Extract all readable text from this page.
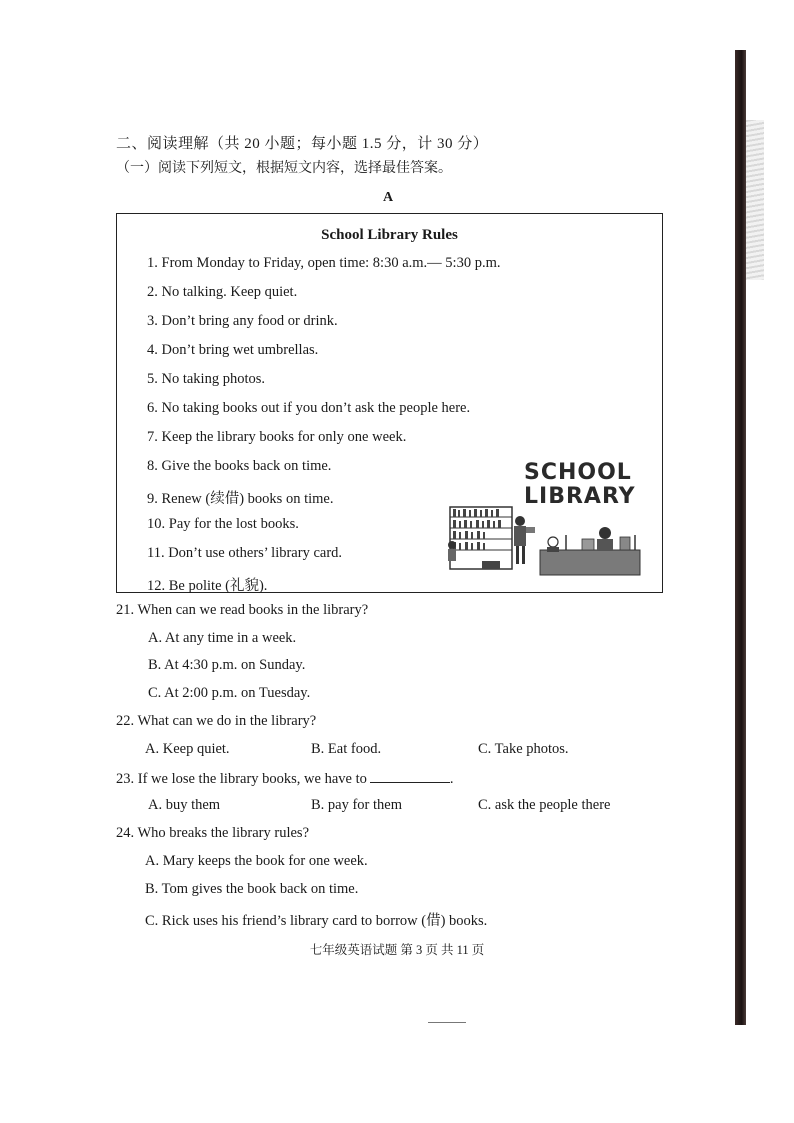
二、阅读理解（共 20 小题；每小题 1.5 分，计 30 分）
（一）阅读下列短文，根据短文内容，选择最佳答案。
A
School Library Rules
1. From Monday to Friday, open time: 8:30 a.m.— 5:30 p.m.
2. No talking. Keep quiet.
3. Don’t bring any food or drink.
4. Don’t bring wet umbrellas.
5. No taking photos.
6. No taking books out if you don’t ask the people here.
7. Keep the library books for only one week.
8. Give the books back on time.
9. Renew (续借) books on time.
10. Pay for the lost books.
11. Don’t use others’ library card.
12. Be polite (礼貌).
SCHOOL
LIBRARY
21. When can we read books in the library?
A. At any time in a week.
B. At 4:30 p.m. on Sunday.
C. At 2:00 p.m. on Tuesday.
22. What can we do in the library?
A. Keep quiet.	B. Eat food.	C. Take photos.
23. If we lose the library books, we have to	.
A. buy them	B. pay for them	C. ask the people there
24. Who breaks the library rules?
A. Mary keeps the book for one week.
B. Tom gives the book back on time.
C. Rick uses his friend’s library card to borrow (借) books.
七年级英语试题 第 3 页 共 11 页
